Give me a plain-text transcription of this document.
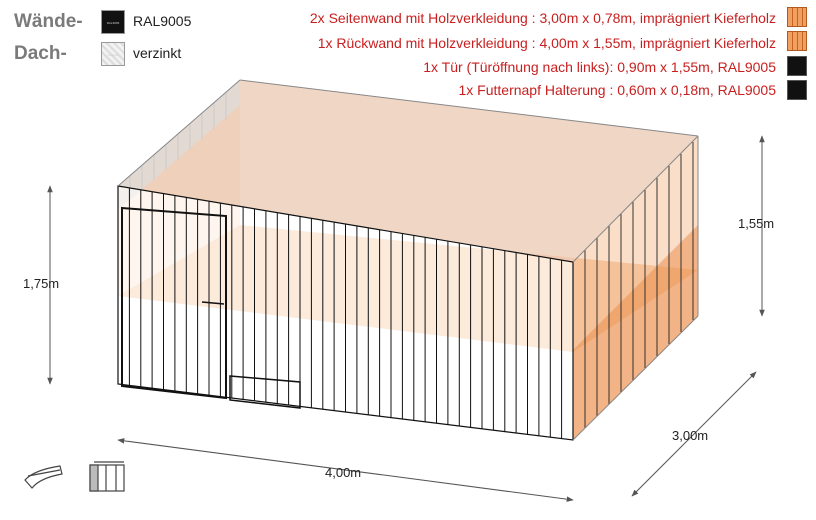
Wände-
Dach-
RAL9005
verzinkt
RAL9005
verzinkt
2x Seitenwand mit Holzverkleidung : 3,00m x 0,78m, imprägniert Kieferholz
1x Rückwand mit Holzverkleidung : 4,00m x 1,55m, imprägniert Kieferholz
1x Tür (Türöffnung nach links): 0,90m x 1,55m, RAL9005
1x Futternapf Halterung : 0,60m x 0,18m, RAL9005
1,75m
1,55m
4,00m
3,00m
